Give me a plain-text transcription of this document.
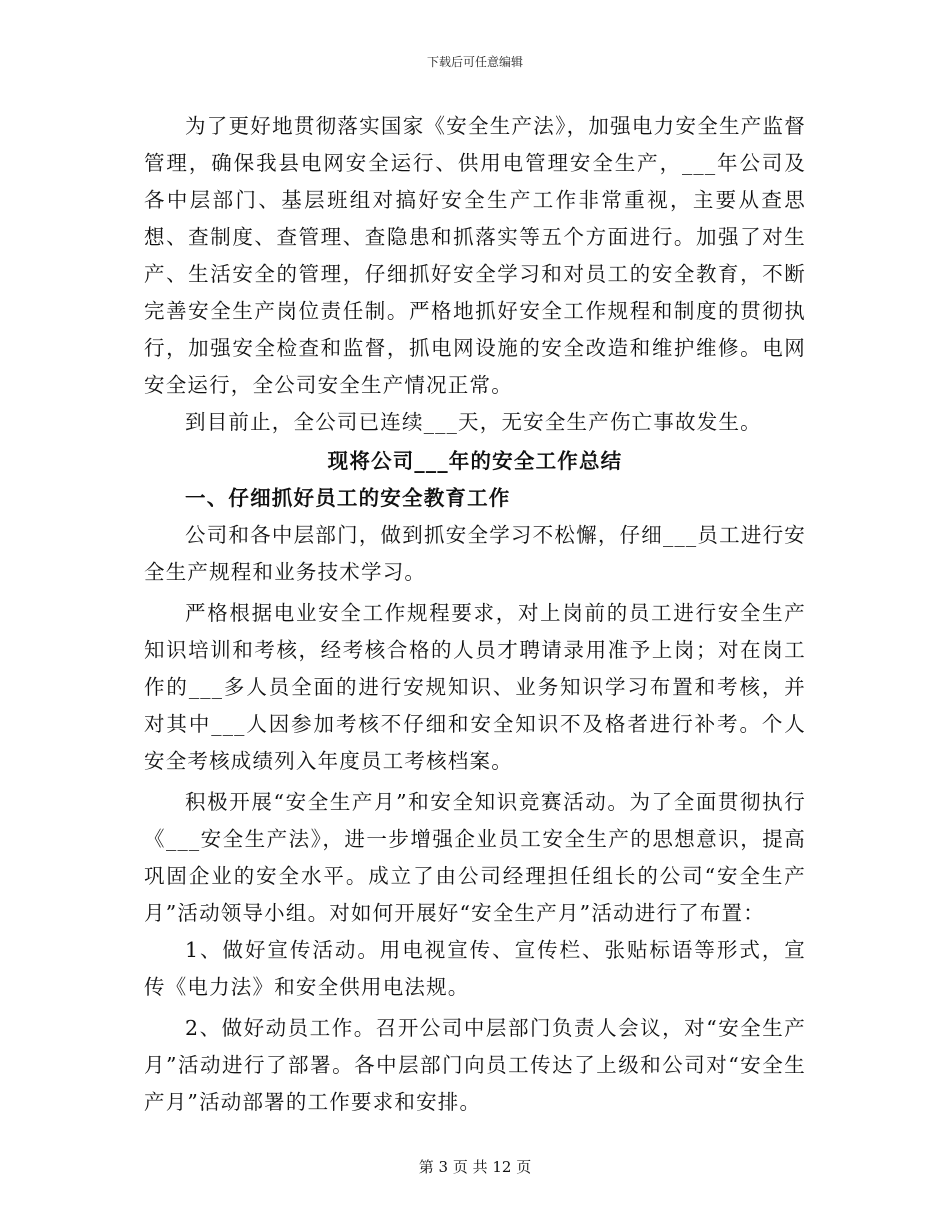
下载后可任意编辑

为了更好地贯彻落实国家《安全生产法》，加强电力安全生产监督管理，确保我县电网安全运行、供用电管理安全生产，___年公司及各中层部门、基层班组对搞好安全生产工作非常重视，主要从查思想、查制度、查管理、查隐患和抓落实等五个方面进行。加强了对生产、生活安全的管理，仔细抓好安全学习和对员工的安全教育，不断完善安全生产岗位责任制。严格地抓好安全工作规程和制度的贯彻执行，加强安全检查和监督，抓电网设施的安全改造和维护维修。电网安全运行，全公司安全生产情况正常。

到目前止，全公司已连续___天，无安全生产伤亡事故发生。

现将公司___年的安全工作总结

一、仔细抓好员工的安全教育工作

公司和各中层部门，做到抓安全学习不松懈，仔细___员工进行安全生产规程和业务技术学习。

严格根据电业安全工作规程要求，对上岗前的员工进行安全生产知识培训和考核，经考核合格的人员才聘请录用准予上岗；对在岗工作的___多人员全面的进行安规知识、业务知识学习布置和考核，并对其中___人因参加考核不仔细和安全知识不及格者进行补考。个人安全考核成绩列入年度员工考核档案。

积极开展“安全生产月”和安全知识竞赛活动。为了全面贯彻执行《___安全生产法》，进一步增强企业员工安全生产的思想意识，提高巩固企业的安全水平。成立了由公司经理担任组长的公司“安全生产月”活动领导小组。对如何开展好“安全生产月”活动进行了布置：

1、做好宣传活动。用电视宣传、宣传栏、张贴标语等形式，宣传《电力法》和安全供用电法规。

2、做好动员工作。召开公司中层部门负责人会议，对“安全生产月”活动进行了部署。各中层部门向员工传达了上级和公司对“安全生产月”活动部署的工作要求和安排。

第 3 页 共 12 页
